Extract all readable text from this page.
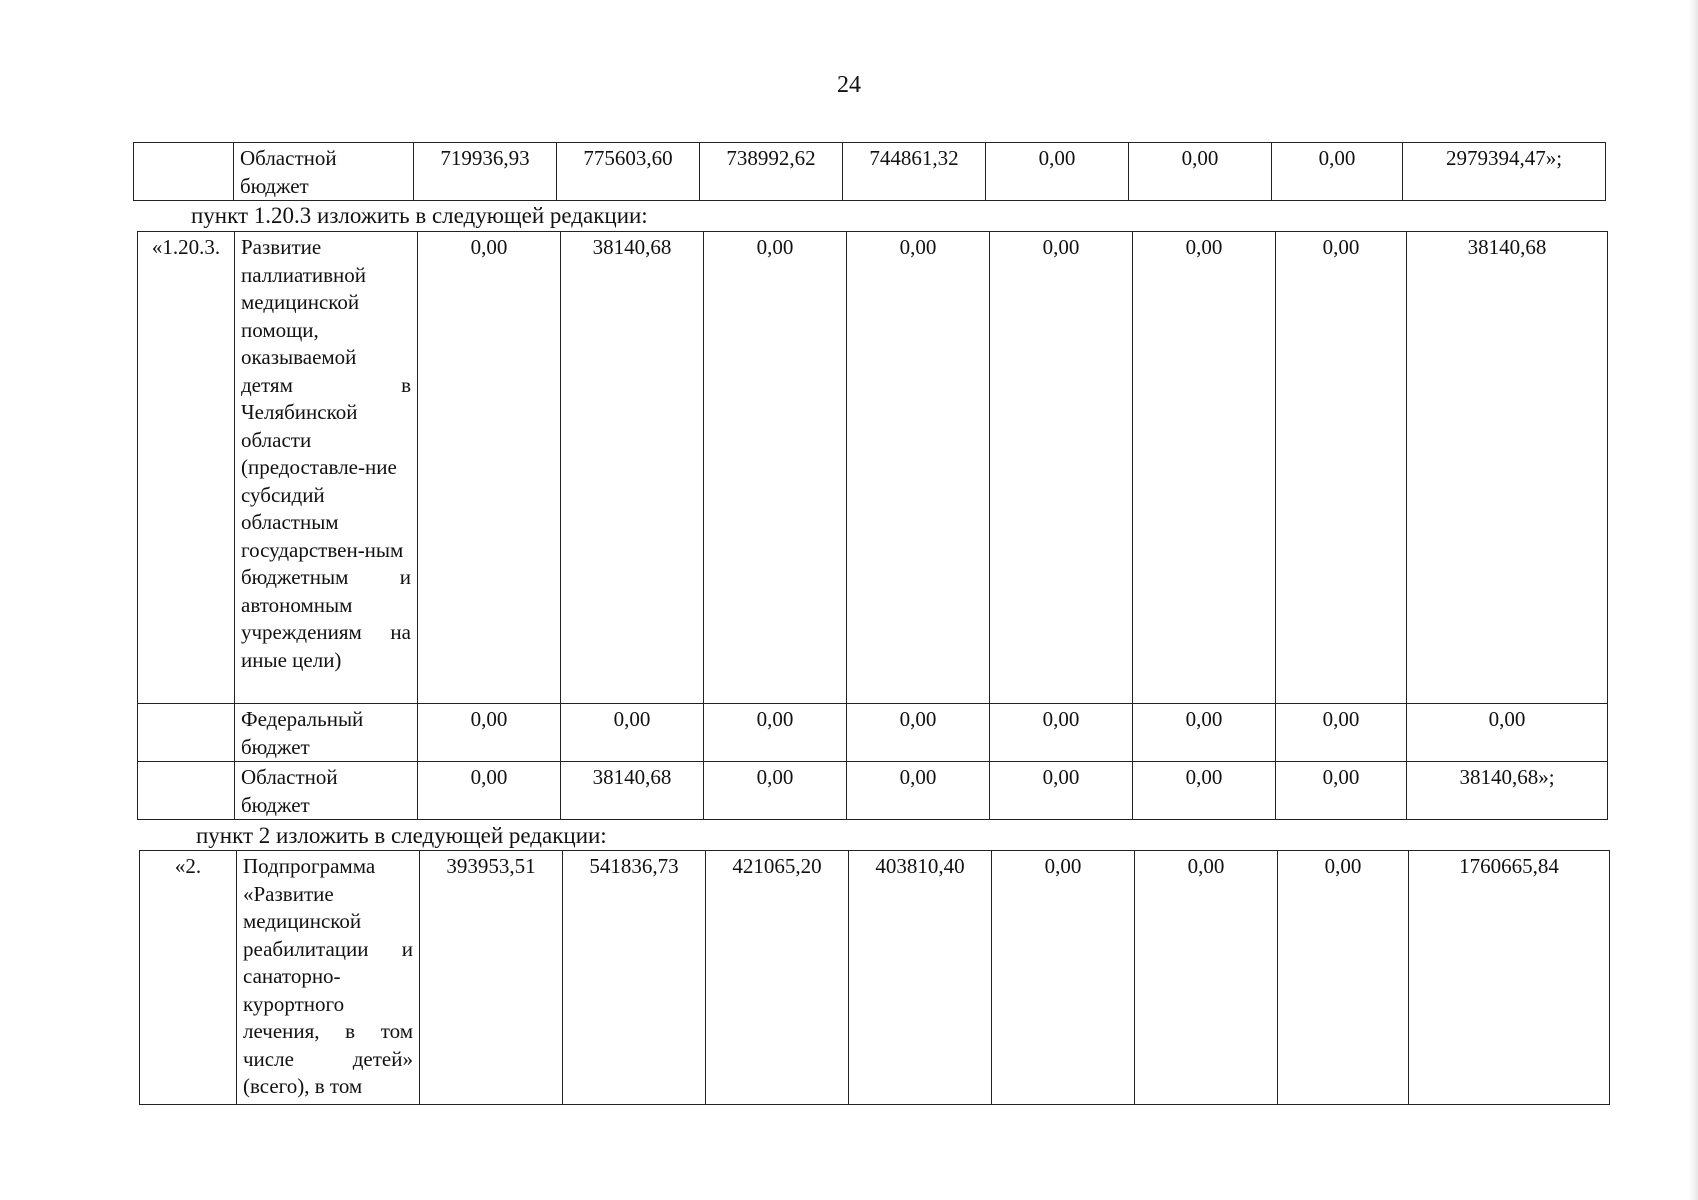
24
	Областной бюджет	719936,93	775603,60	738992,62	744861,32	0,00	0,00	0,00	2979394,47»;
пункт 1.20.3 изложить в следующей редакции:
«1.20.3.	Развитие паллиативной медицинской помощи, оказываемой детям в Челябинской области (предоставле-ние субсидий областным государствен-ным бюджетным и автономным учреждениям на иные цели)	0,00	38140,68	0,00	0,00	0,00	0,00	0,00	38140,68
	Федеральный бюджет	0,00	0,00	0,00	0,00	0,00	0,00	0,00	0,00
	Областной бюджет	0,00	38140,68	0,00	0,00	0,00	0,00	0,00	38140,68»;
пункт 2 изложить в следующей редакции:
«2.	Подпрограмма «Развитие медицинской реабилитации и санаторно-курортного лечения, в том числе детей» (всего), в том	393953,51	541836,73	421065,20	403810,40	0,00	0,00	0,00	1760665,84
